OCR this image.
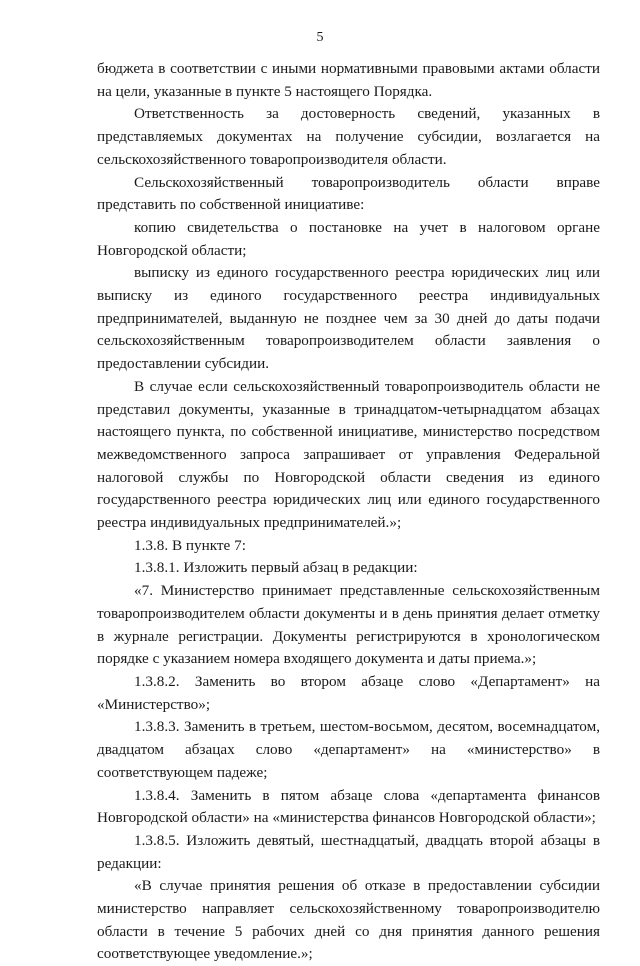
5

бюджета в соответствии с иными нормативными правовыми актами области на цели, указанные в пункте 5 настоящего Порядка.

Ответственность за достоверность сведений, указанных в представляемых документах на получение субсидии, возлагается на сельскохозяйственного товаропроизводителя области.

Сельскохозяйственный товаропроизводитель области вправе представить по собственной инициативе:

копию свидетельства о постановке на учет в налоговом органе Новгородской области;

выписку из единого государственного реестра юридических лиц или выписку из единого государственного реестра индивидуальных предпринимателей, выданную не позднее чем за 30 дней до даты подачи сельскохозяйственным товаропроизводителем области заявления о предоставлении субсидии.

В случае если сельскохозяйственный товаропроизводитель области не представил документы, указанные в тринадцатом-четырнадцатом абзацах настоящего пункта, по собственной инициативе, министерство посредством межведомственного запроса запрашивает от управления Федеральной налоговой службы по Новгородской области сведения из единого государственного реестра юридических лиц или единого государственного реестра индивидуальных предпринимателей.»;

1.3.8. В пункте 7:

1.3.8.1. Изложить первый абзац в редакции:

«7. Министерство принимает представленные сельскохозяйственным товаропроизводителем области документы и в день принятия делает отметку в журнале регистрации. Документы регистрируются в хронологическом порядке с указанием номера входящего документа и даты приема.»;

1.3.8.2. Заменить во втором абзаце слово «Департамент» на «Министерство»;

1.3.8.3. Заменить в третьем, шестом-восьмом, десятом, восемнадцатом, двадцатом абзацах слово «департамент» на «министерство» в соответствующем падеже;

1.3.8.4. Заменить в пятом абзаце слова «департамента финансов Новгородской области» на «министерства финансов Новгородской области»;

1.3.8.5. Изложить девятый, шестнадцатый, двадцать второй абзацы в редакции:

«В случае принятия решения об отказе в предоставлении субсидии министерство направляет сельскохозяйственному товаропроизводителю области в течение 5 рабочих дней со дня принятия данного решения соответствующее уведомление.»;
